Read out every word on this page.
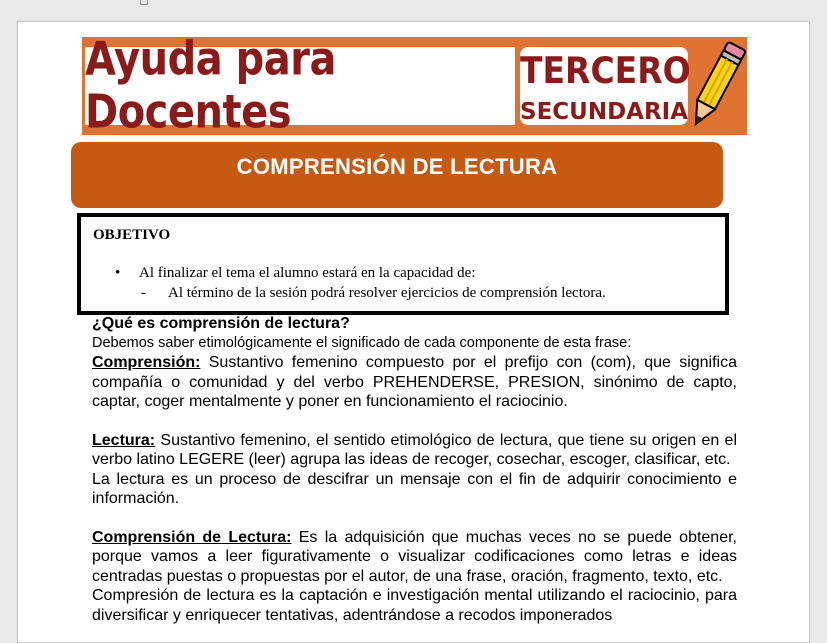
Ayuda para Docentes
TERCERO
SECUNDARIA
COMPRENSIÓN DE LECTURA
OBJETIVO
• Al finalizar el tema el alumno estará en la capacidad de:
- Al término de la sesión podrá resolver ejercicios de comprensión lectora.

¿Qué es comprensión de lectura?

Debemos saber etimológicamente el significado de cada componente de esta frase:

Comprensión: Sustantivo femenino compuesto por el prefijo con (com), que significa compañía o comunidad y del verbo PREHENDERSE, PRESION, sinónimo de capto, captar, coger mentalmente y poner en funcionamiento el raciocinio.

Lectura: Sustantivo femenino, el sentido etimológico de lectura, que tiene su origen en el verbo latino LEGERE (leer) agrupa las ideas de recoger, cosechar, escoger, clasificar, etc.

La lectura es un proceso de descifrar un mensaje con el fin de adquirir conocimiento e información.

Comprensión de Lectura: Es la adquisición que muchas veces no se puede obtener, porque vamos a leer figurativamente o visualizar codificaciones como letras e ideas centradas puestas o propuestas por el autor, de una frase, oración, fragmento, texto, etc.

Compresión de lectura es la captación e investigación mental utilizando el raciocinio, para diversificar y enriquecer tentativas, adentrándose a recodos imponerados
